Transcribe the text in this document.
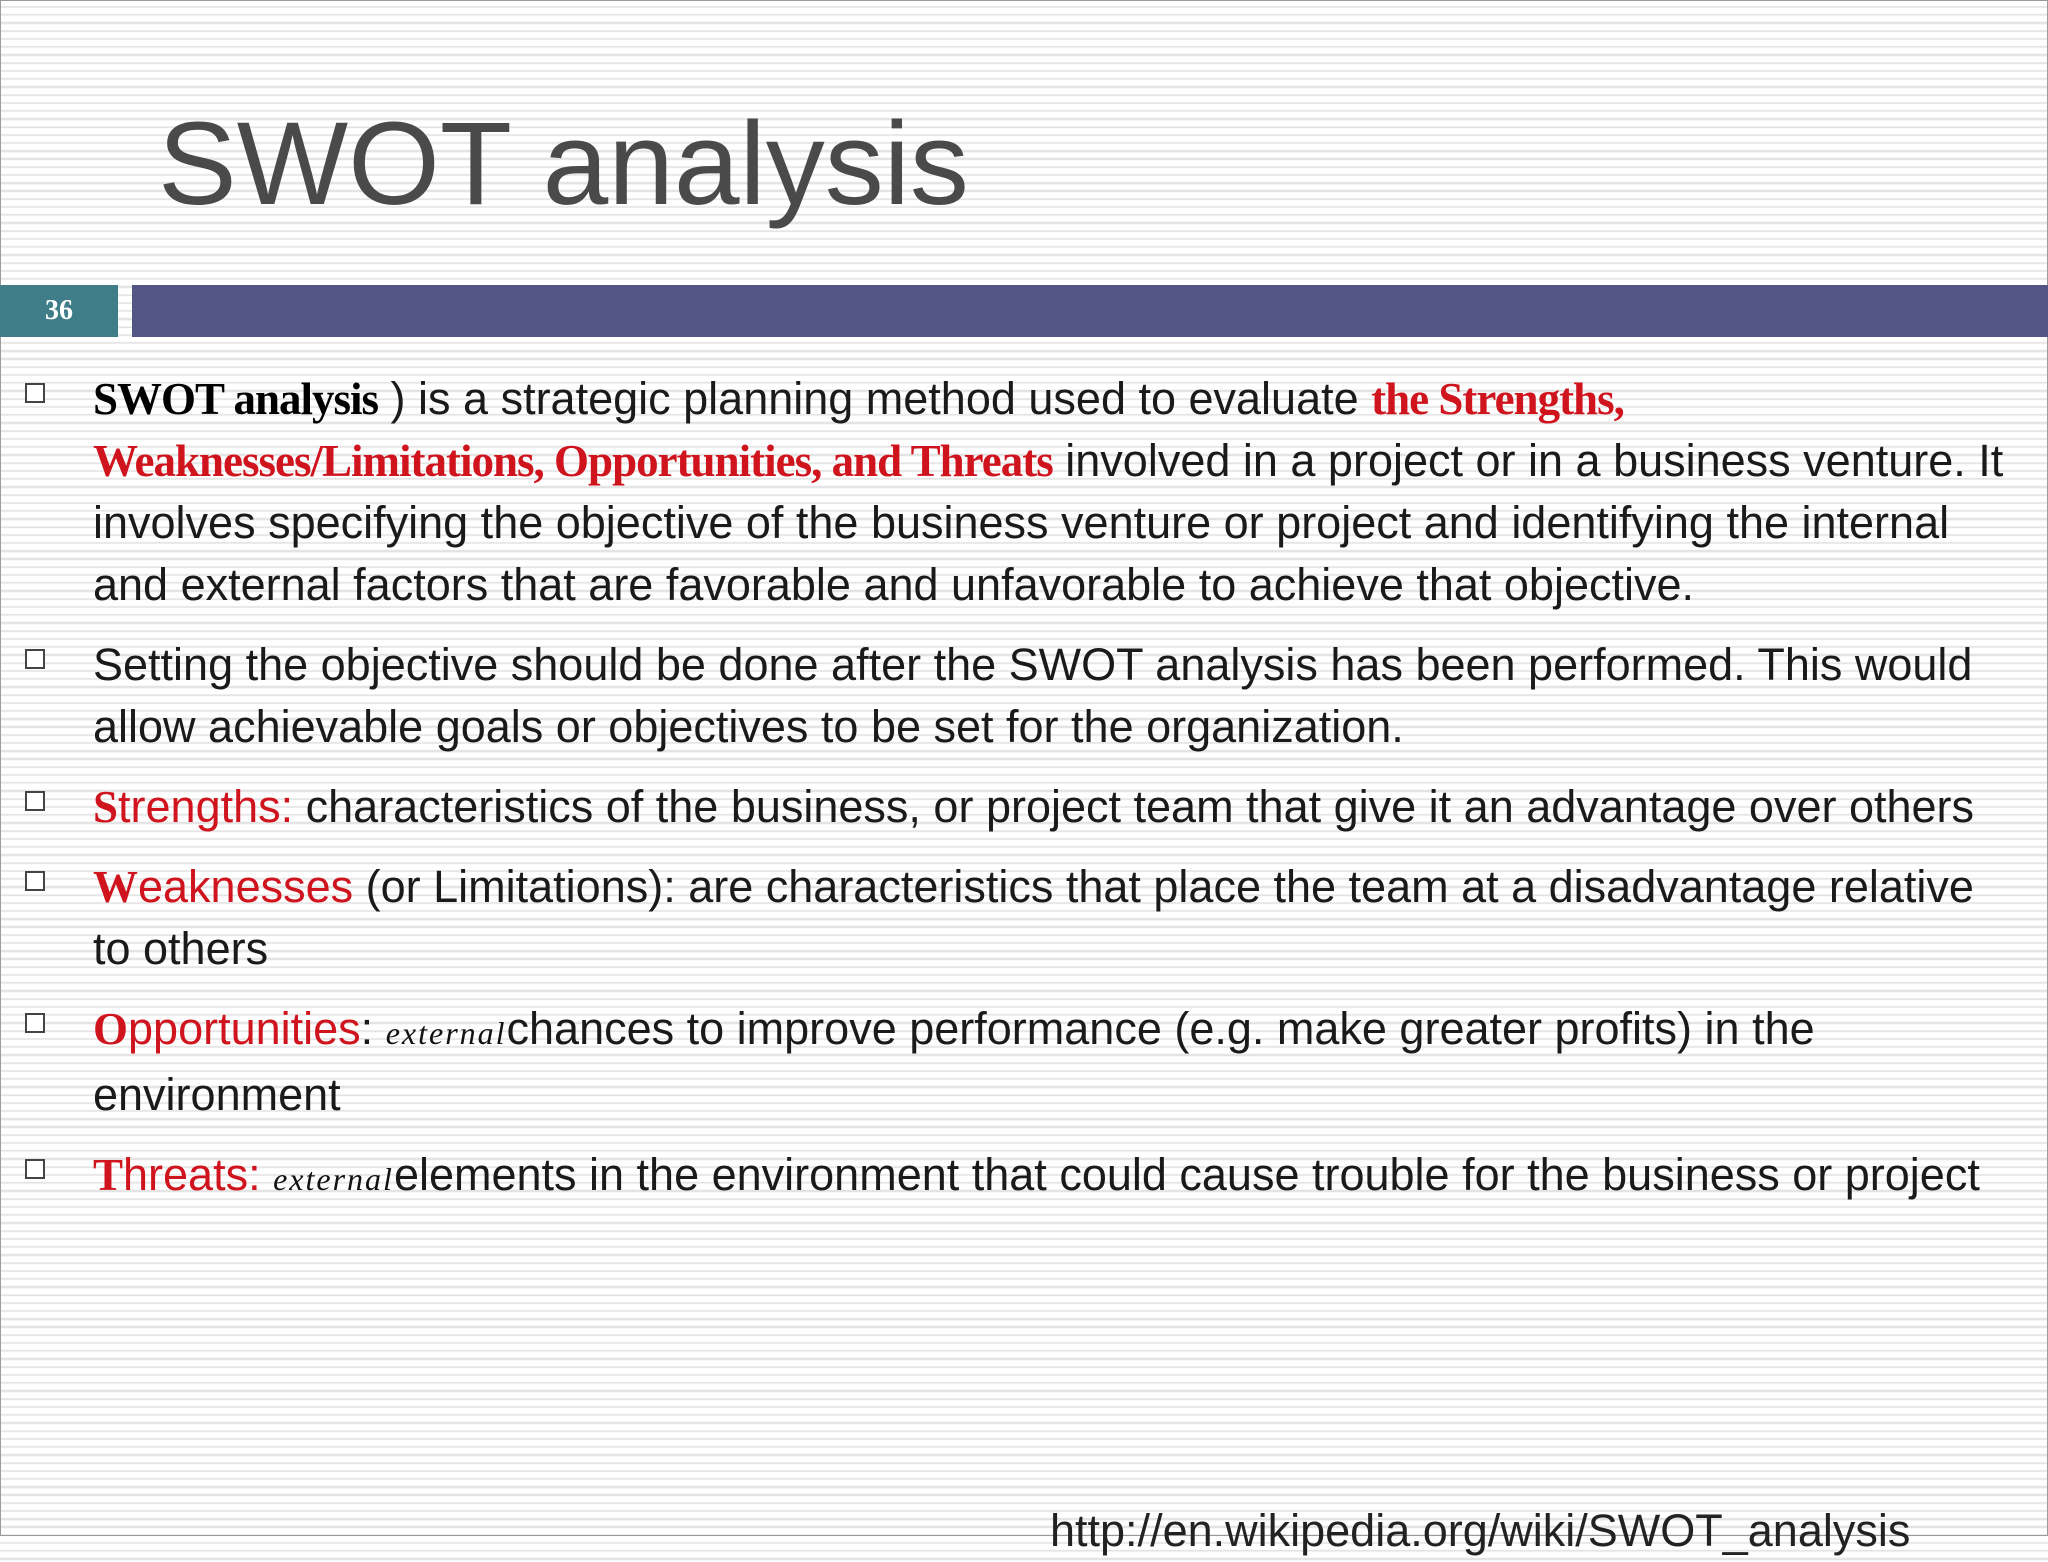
SWOT analysis
36
SWOT analysis ) is a strategic planning method used to evaluate the Strengths, Weaknesses/Limitations, Opportunities, and Threats involved in a project or in a business venture. It involves specifying the objective of the business venture or project and identifying the internal and external factors that are favorable and unfavorable to achieve that objective.
Setting the objective should be done after the SWOT analysis has been performed. This would allow achievable goals or objectives to be set for the organization.
Strengths: characteristics of the business, or project team that give it an advantage over others
Weaknesses (or Limitations): are characteristics that place the team at a disadvantage relative to others
Opportunities: externalchances to improve performance (e.g. make greater profits) in the environment
Threats: externalelements in the environment that could cause trouble for the business or project
http://en.wikipedia.org/wiki/SWOT_analysis
